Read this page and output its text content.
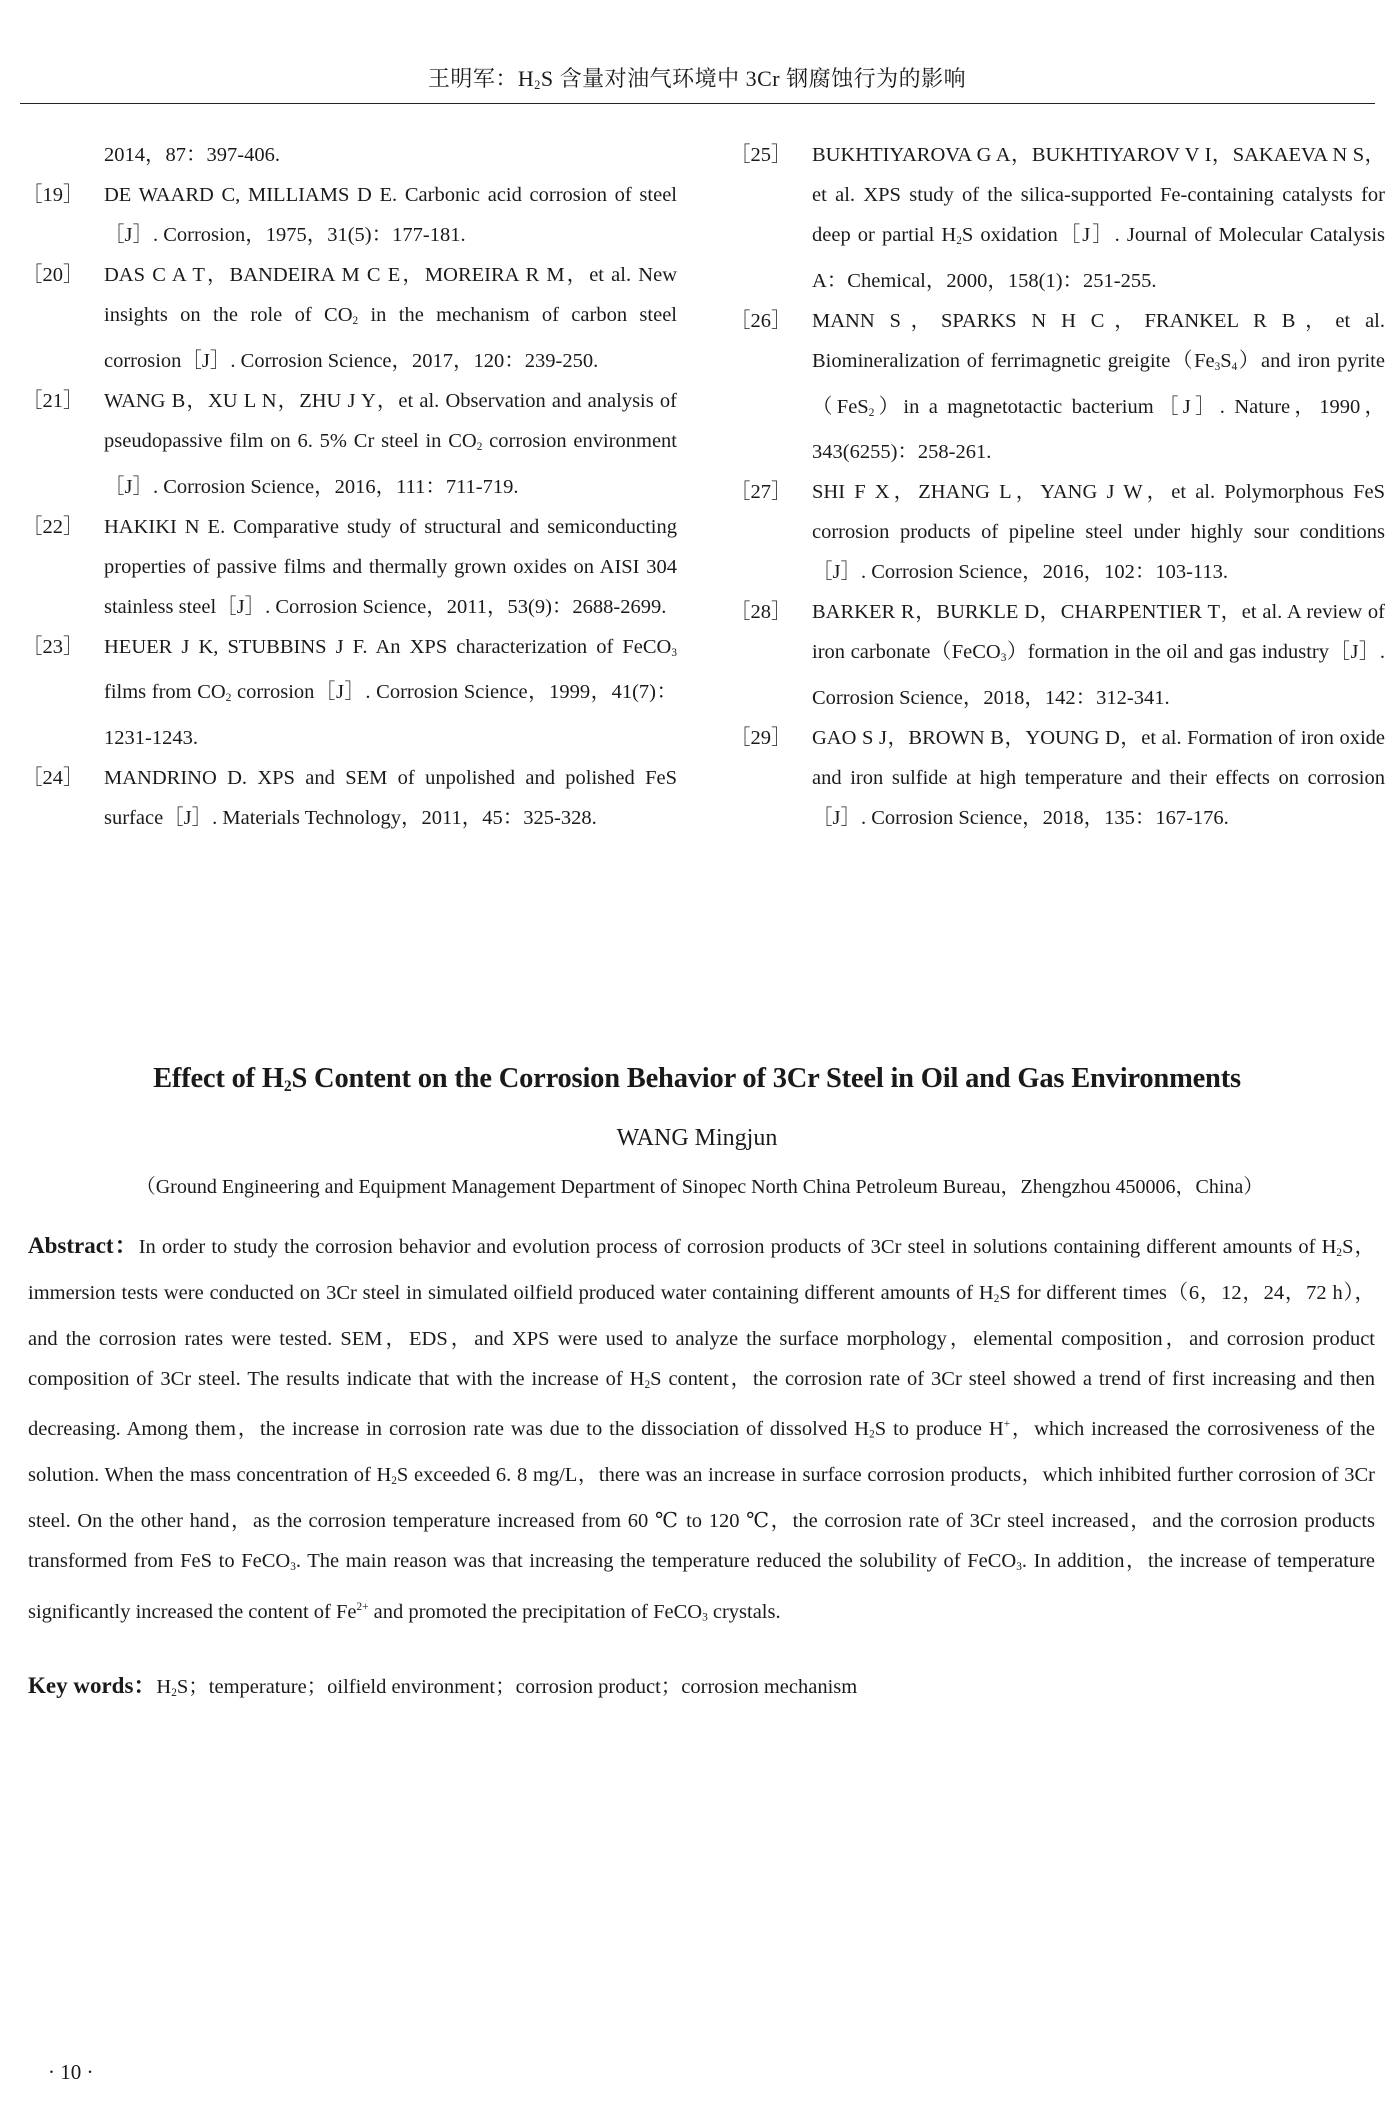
王明军：$H_2S$ 含量对油气环境中 3Cr 钢腐蚀行为的影响
2014，87：397-406.
［19］ DE WAARD C, MILLIAMS D E. Carbonic acid corrosion of steel［J］. Corrosion，1975，31(5)：177-181.
［20］ DAS C A T，BANDEIRA M C E，MOREIRA R M，et al. New insights on the role of $CO_2$ in the mechanism of carbon steel corrosion［J］. Corrosion Science，2017，120：239-250.
［21］ WANG B，XU L N，ZHU J Y，et al. Observation and analysis of pseudopassive film on 6. 5% Cr steel in $CO_2$ corrosion environment［J］. Corrosion Science，2016，111：711-719.
［22］ HAKIKI N E. Comparative study of structural and semiconducting properties of passive films and thermally grown oxides on AISI 304 stainless steel［J］. Corrosion Science，2011，53(9)：2688-2699.
［23］ HEUER J K, STUBBINS J F. An XPS characterization of FeCO$_3$ films from $CO_2$ corrosion［J］. Corrosion Science，1999，41(7)：1231-1243.
［24］ MANDRINO D. XPS and SEM of unpolished and polished FeS surface［J］. Materials Technology，2011，45：325-328.
［25］ BUKHTIYAROVA G A，BUKHTIYAROV V I，SAKAEVA N S，et al. XPS study of the silica-supported Fe-containing catalysts for deep or partial $H_2S$ oxidation［J］. Journal of Molecular Catalysis A：Chemical，2000，158(1)：251-255.
［26］ MANN S，SPARKS N H C，FRANKEL R B，et al. Biomineralization of ferrimagnetic $greigite(Fe_3S_4)and$ iron pyrite（FeS$_2$）in a magnetotactic bacterium［J］. Nature，1990，343(6255)：258-261.
［27］ SHI F X，ZHANG L，YANG J W，et al. Polymorphous FeS corrosion products of pipeline steel under highly sour conditions［J］. Corrosion Science，2016，102：103-113.
［28］ BARKER R，BURKLE D，CHARPENTIER T，et al. A review of iron carbonate（FeCO$_3$）formation in the oil and gas industry［J］. Corrosion Science，2018，142：312-341.
［29］ GAO S J，BROWN B，YOUNG D，et al. Formation of iron oxide and iron sulfide at high temperature and their effects on corrosion［J］. Corrosion Science，2018，135：167-176.
Effect of $H_2S$ Content on the Corrosion Behavior of 3Cr Steel in Oil and Gas Environments
WANG Mingjun
（Ground Engineering and Equipment Management Department of Sinopec North China Petroleum Bureau，Zhengzhou 450006，China）
Abstract：In order to study the corrosion behavior and evolution process of corrosion products of 3Cr steel in solutions containing different amounts of $H_2S$，immersion tests were conducted on 3Cr steel in simulated oilfield produced water containing different amounts of $H_2S$ for different times（6，12，24，72 h），and the corrosion rates were tested. SEM，EDS，and XPS were used to analyze the surface morphology，elemental composition，and corrosion product composition of 3Cr steel. The results indicate that with the increase of $H_2S$ content，the corrosion rate of 3Cr steel showed a trend of first increasing and then decreasing. Among them，the increase in corrosion rate was due to the dissociation of dissolved $H_2S$ to produce H+，which increased the corrosiveness of the solution. When the mass concentration of $H_2S$ exceeded 6. 8 mg/L，there was an increase in surface corrosion products，which inhibited further corrosion of 3Cr steel. On the other hand，as the corrosion temperature increased from 60 ℃ to 120 ℃，the corrosion rate of 3Cr steel increased，and the corrosion products transformed from FeS to FeCO$_3$. The main reason was that increasing the temperature reduced the solubility of FeCO$_3$. In addition，the increase of temperature significantly increased the content of $Fe^{2+}$ and promoted the precipitation of FeCO$_3$ crystals.
Key words：$H_2S$；temperature；oilfield environment；corrosion product；corrosion mechanism
· 10 ·
